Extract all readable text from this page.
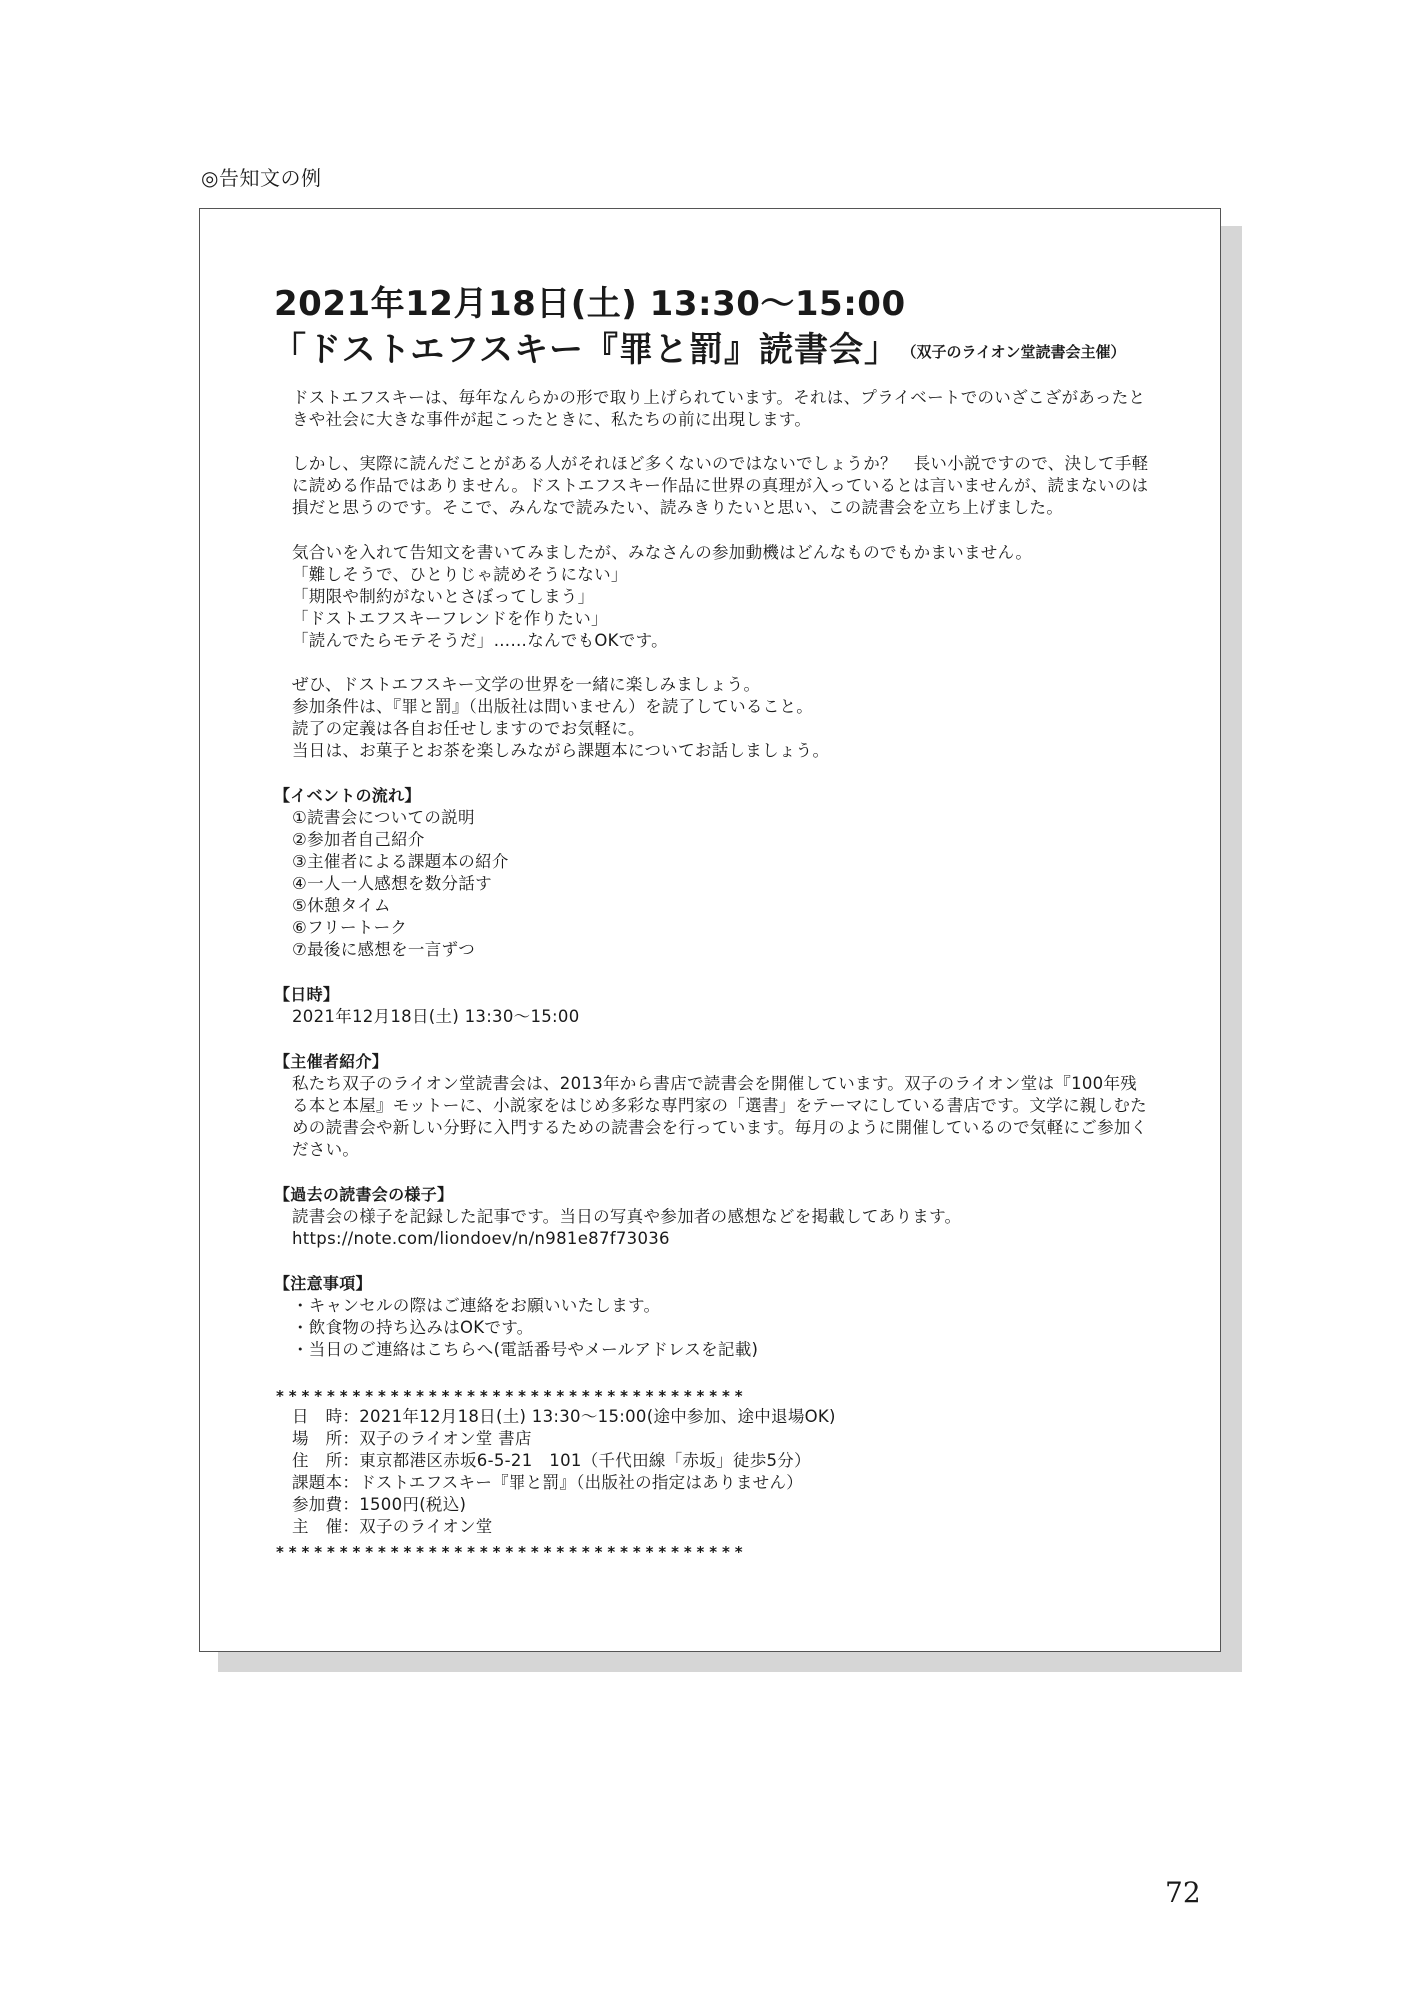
◎告知文の例
2021年12月18日(土) 13:30〜15:00
「ドストエフスキー『罪と罰』読書会」 （双子のライオン堂読書会主催）
ドストエフスキーは、毎年なんらかの形で取り上げられています。それは、プライベートでのいざこざがあったと
きや社会に大きな事件が起こったときに、私たちの前に出現します。
しかし、実際に読んだことがある人がそれほど多くないのではないでしょうか？　長い小説ですので、決して手軽
に読める作品ではありません。ドストエフスキー作品に世界の真理が入っているとは言いませんが、読まないのは
損だと思うのです。そこで、みんなで読みたい、読みきりたいと思い、この読書会を立ち上げました。
気合いを入れて告知文を書いてみましたが、みなさんの参加動機はどんなものでもかまいません。
「難しそうで、ひとりじゃ読めそうにない」
「期限や制約がないとさぼってしまう」
「ドストエフスキーフレンドを作りたい」
「読んでたらモテそうだ」……なんでもOKです。
ぜひ、ドストエフスキー文学の世界を一緒に楽しみましょう。
参加条件は、『罪と罰』（出版社は問いません）を読了していること。
読了の定義は各自お任せしますのでお気軽に。
当日は、お菓子とお茶を楽しみながら課題本についてお話しましょう。
【イベントの流れ】
①読書会についての説明
②参加者自己紹介
③主催者による課題本の紹介
④一人一人感想を数分話す
⑤休憩タイム
⑥フリートーク
⑦最後に感想を一言ずつ
【日時】
2021年12月18日(土) 13:30〜15:00
【主催者紹介】
私たち双子のライオン堂読書会は、2013年から書店で読書会を開催しています。双子のライオン堂は『100年残
る本と本屋』モットーに、小説家をはじめ多彩な専門家の「選書」をテーマにしている書店です。文学に親しむた
めの読書会や新しい分野に入門するための読書会を行っています。毎月のように開催しているので気軽にご参加く
ださい。
【過去の読書会の様子】
読書会の様子を記録した記事です。当日の写真や参加者の感想などを掲載してあります。
https://note.com/liondoev/n/n981e87f73036
【注意事項】
・キャンセルの際はご連絡をお願いいたします。
・飲食物の持ち込みはOKです。
・当日のご連絡はこちらへ(電話番号やメールアドレスを記載)
*************************************
日　時：2021年12月18日(土) 13:30〜15:00(途中参加、途中退場OK)
場　所：双子のライオン堂 書店
住　所：東京都港区赤坂6-5-21　101（千代田線「赤坂」徒歩5分）
課題本：ドストエフスキー『罪と罰』（出版社の指定はありません）
参加費：1500円(税込)
主　催：双子のライオン堂
*************************************
72
